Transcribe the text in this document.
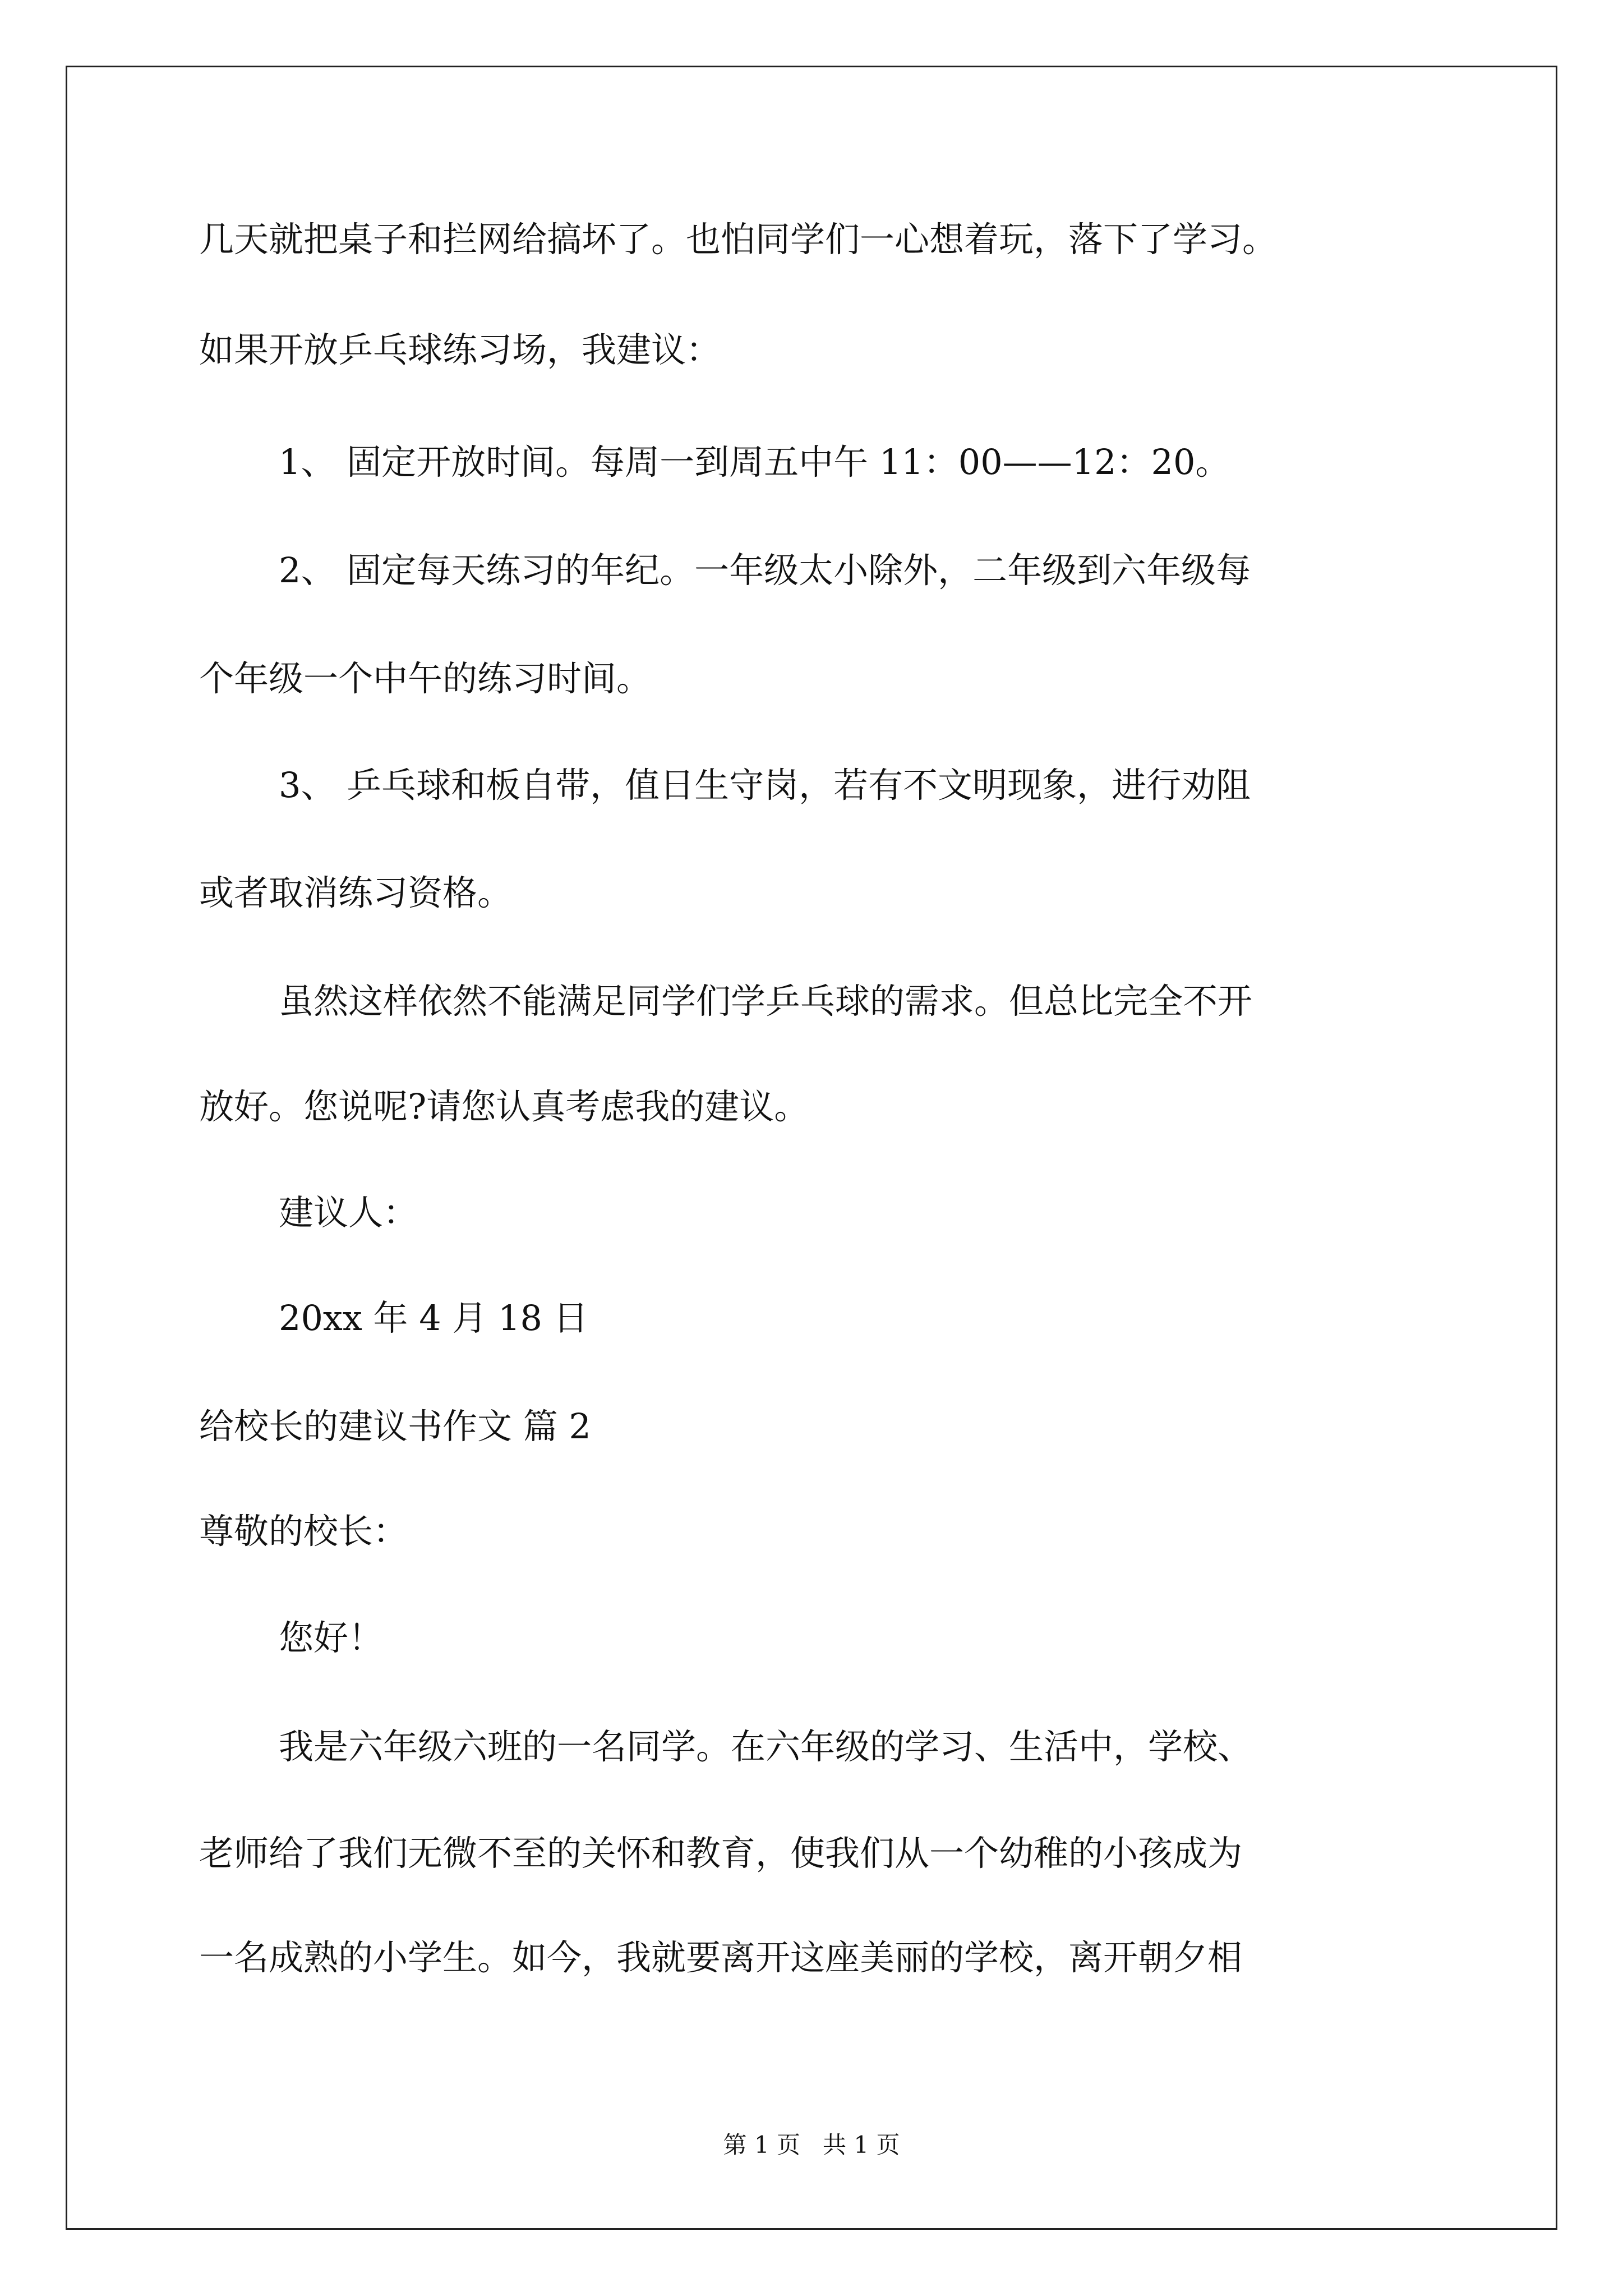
几天就把桌子和拦网给搞坏了。也怕同学们一心想着玩，落下了学习。
如果开放乒乓球练习场，我建议：
1、 固定开放时间。每周一到周五中午 11：00——12：20。
2、 固定每天练习的年纪。一年级太小除外，二年级到六年级每
个年级一个中午的练习时间。
3、 乒乓球和板自带，值日生守岗，若有不文明现象，进行劝阻
或者取消练习资格。
虽然这样依然不能满足同学们学乒乓球的需求。但总比完全不开
放好。您说呢?请您认真考虑我的建议。
建议人：
20xx 年 4 月 18 日
给校长的建议书作文 篇 2
尊敬的校长：
您好！
我是六年级六班的一名同学。在六年级的学习、生活中，学校、
老师给了我们无微不至的关怀和教育，使我们从一个幼稚的小孩成为
一名成熟的小学生。如今，我就要离开这座美丽的学校，离开朝夕相
第 1 页   共 1 页
